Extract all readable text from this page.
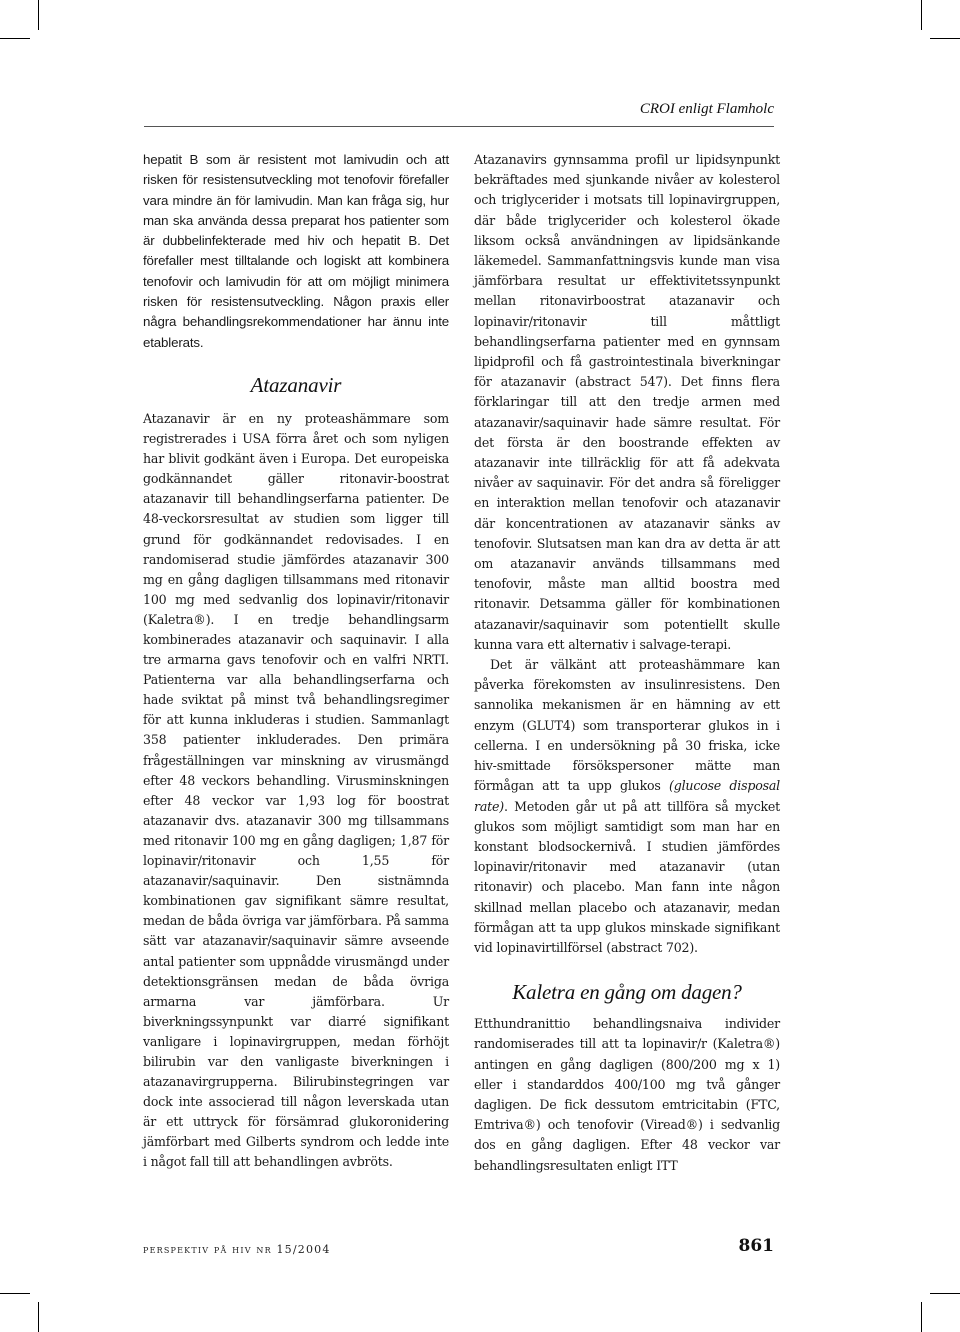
CROI enligt Flamholc

hepatit B som är resistent mot lamivudin och att risken för resistensutveckling mot tenofovir förefaller vara mindre än för lamivudin. Man kan fråga sig, hur man ska använda dessa preparat hos patienter som är dubbelinfekterade med hiv och hepatit B. Det förefaller mest tilltalande och logiskt att kombinera tenofovir och lamivudin för att om möjligt minimera risken för resistensutveckling. Någon praxis eller några behandlingsrekommendationer har ännu inte etablerats.

Atazanavir

Atazanavir är en ny proteashämmare som registrerades i USA förra året och som nyligen har blivit godkänt även i Europa. Det europeiska godkännandet gäller ritonavir-boostrat atazanavir till behandlingserfarna patienter. De 48-veckorsresultat av studien som ligger till grund för godkännandet redovisades. I en randomiserad studie jämfördes atazanavir 300 mg en gång dagligen tillsammans med ritonavir 100 mg med sedvanlig dos lopinavir/ritonavir (Kaletra®). I en tredje behandlingsarm kombinerades atazanavir och saquinavir. I alla tre armarna gavs tenofovir och en valfri NRTI. Patienterna var alla behandlingserfarna och hade sviktat på minst två behandlingsregimer för att kunna inkluderas i studien. Sammanlagt 358 patienter inkluderades. Den primära frågeställningen var minskning av virusmängd efter 48 veckors behandling. Virusminskningen efter 48 veckor var 1,93 log för boostrat atazanavir dvs. atazanavir 300 mg tillsammans med ritonavir 100 mg en gång dagligen; 1,87 för lopinavir/ritonavir och 1,55 för atazanavir/saquinavir. Den sistnämnda kombinationen gav signifikant sämre resultat, medan de båda övriga var jämförbara. På samma sätt var atazanavir/saquinavir sämre avseende antal patienter som uppnådde virusmängd under detektionsgränsen medan de båda övriga armarna var jämförbara. Ur biverkningssynpunkt var diarré signifikant vanligare i lopinavirgruppen, medan förhöjt bilirubin var den vanligaste biverkningen i atazanavirgrupperna. Bilirubinstegringen var dock inte associerad till någon leverskada utan är ett uttryck för försämrad glukoronidering jämförbart med Gilberts syndrom och ledde inte i något fall till att behandlingen avbröts.

Atazanavirs gynnsamma profil ur lipidsynpunkt bekräftades med sjunkande nivåer av kolesterol och triglycerider i motsats till lopinavirgruppen, där både triglycerider och kolesterol ökade liksom också användningen av lipidsänkande läkemedel. Sammanfattningsvis kunde man visa jämförbara resultat ur effektivitetssynpunkt mellan ritonavirboostrat atazanavir och lopinavir/ritonavir till måttligt behandlingserfarna patienter med en gynnsam lipidprofil och få gastrointestinala biverkningar för atazanavir (abstract 547). Det finns flera förklaringar till att den tredje armen med atazanavir/saquinavir hade sämre resultat. För det första är den boostrande effekten av atazanavir inte tillräcklig för att få adekvata nivåer av saquinavir. För det andra så föreligger en interaktion mellan tenofovir och atazanavir där koncentrationen av atazanavir sänks av tenofovir. Slutsatsen man kan dra av detta är att om atazanavir används tillsammans med tenofovir, måste man alltid boostra med ritonavir. Detsamma gäller för kombinationen atazanavir/saquinavir som potentiellt skulle kunna vara ett alternativ i salvage-terapi.

Det är välkänt att proteashämmare kan påverka förekomsten av insulinresistens. Den sannolika mekanismen är en hämning av ett enzym (GLUT4) som transporterar glukos in i cellerna. I en undersökning på 30 friska, icke hiv-smittade försökspersoner mätte man förmågan att ta upp glukos (glucose disposal rate). Metoden går ut på att tillföra så mycket glukos som möjligt samtidigt som man har en konstant blodsockernivå. I studien jämfördes lopinavir/ritonavir med atazanavir (utan ritonavir) och placebo. Man fann inte någon skillnad mellan placebo och atazanavir, medan förmågan att ta upp glukos minskade signifikant vid lopinavirtillförsel (abstract 702).

Kaletra en gång om dagen?

Etthundranittio behandlingsnaiva individer randomiserades till att ta lopinavir/r (Kaletra®) antingen en gång dagligen (800/200 mg x 1) eller i standarddos 400/100 mg två gånger dagligen. De fick dessutom emtricitabin (FTC, Emtriva®) och tenofovir (Viread®) i sedvanlig dos en gång dagligen. Efter 48 veckor var behandlingsresultaten enligt ITT

perspektiv på hiv nr 15/2004	861
